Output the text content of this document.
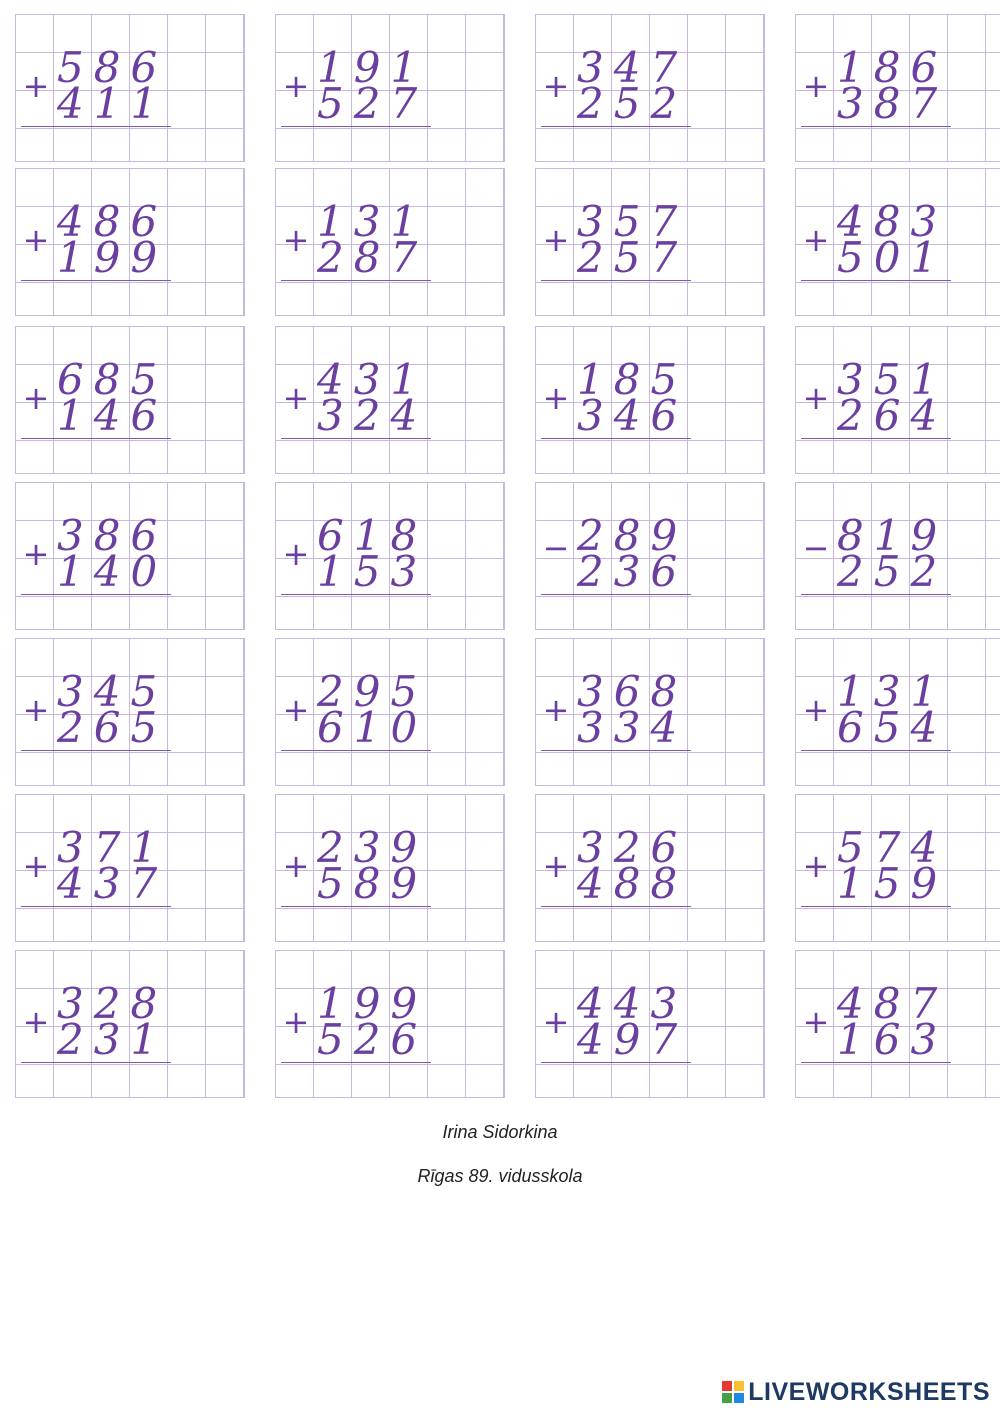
+ 586
411	+ 191
527	+ 347
252	+ 186
387
+ 486
199	+ 131
287	+ 357
257	+ 483
501
+ 685
146	+ 431
324	+ 185
346	+ 351
264
+ 386
140	+ 618
153	− 289
236	− 819
252
+ 345
265	+ 295
610	+ 368
334	+ 131
654
+ 371
437	+ 239
589	+ 326
488	+ 574
159
+ 328
231	+ 199
526	+ 443
497	+ 487
163
Irina Sidorkina
Rīgas 89. vidusskola
LIVEWORKSHEETS
